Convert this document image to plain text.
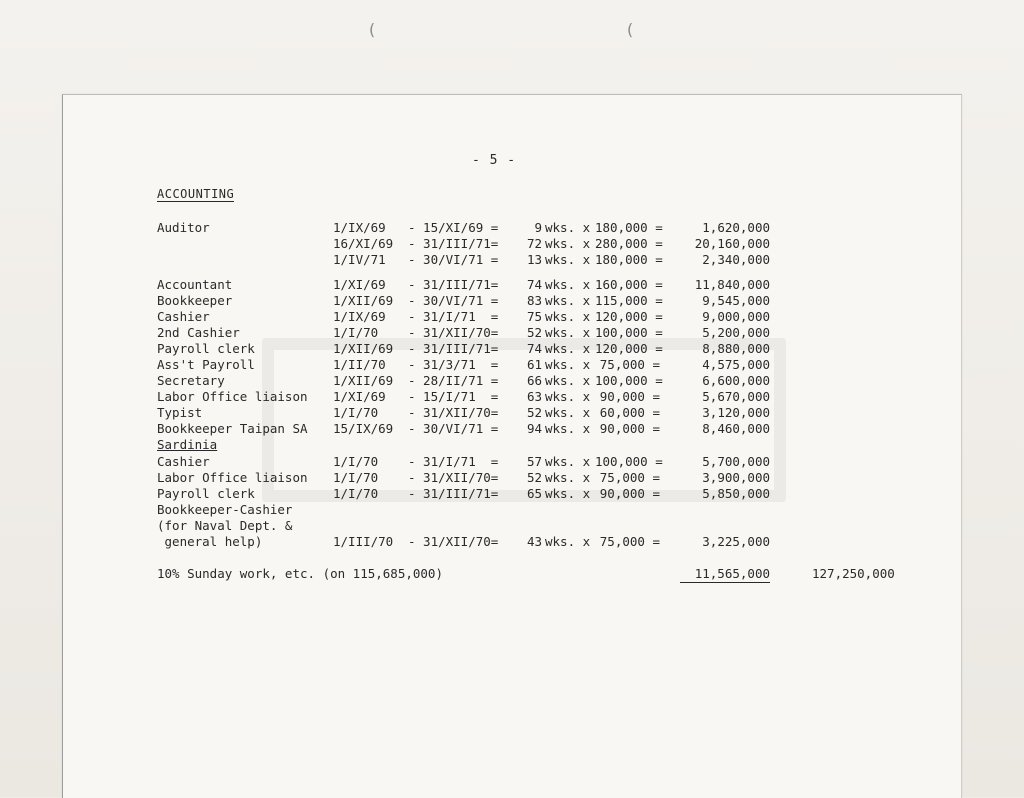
(	(
- 5 -
ACCOUNTING
Auditor	1/IX/69 - 15/XI/69 =	9 wks. x 180,000 =	1,620,000
16/XI/69 - 31/III/71=	72 wks. x 280,000 =	20,160,000
1/IV/71 - 30/VI/71 =	13 wks. x 180,000 =	2,340,000
Accountant	1/XI/69 - 31/III/71=	74 wks. x 160,000 =	11,840,000
Bookkeeper	1/XII/69 - 30/VI/71 =	83 wks. x 115,000 =	9,545,000
Cashier	1/IX/69 - 31/I/71  =	75 wks. x 120,000 =	9,000,000
2nd Cashier	1/I/70 - 31/XII/70=	52 wks. x 100,000 =	5,200,000
Payroll clerk	1/XII/69 - 31/III/71=	74 wks. x 120,000 =	8,880,000
Ass't Payroll	1/II/70 - 31/3/71  =	61 wks. x 75,000 =	4,575,000
Secretary	1/XII/69 - 28/II/71 =	66 wks. x 100,000 =	6,600,000
Labor Office liaison 1/XI/69 - 15/I/71  =	63 wks. x 90,000 =	5,670,000
Typist	1/I/70 - 31/XII/70=	52 wks. x 60,000 =	3,120,000
Bookkeeper Taipan SA 15/IX/69 - 30/VI/71 =	94 wks. x 90,000 =	8,460,000
Sardinia
Cashier	1/I/70 - 31/I/71  =	57 wks. x 100,000 =	5,700,000
Labor Office liaison 1/I/70 - 31/XII/70=	52 wks. x 75,000 =	3,900,000
Payroll clerk	1/I/70 - 31/III/71=	65 wks. x 90,000 =	5,850,000
Bookkeeper-Cashier
(for Naval Dept. &
general help)	1/III/70 - 31/XII/70=	43 wks. x 75,000 =	3,225,000
10% Sunday work, etc. (on 115,685,000)	11,565,000	127,250,000
